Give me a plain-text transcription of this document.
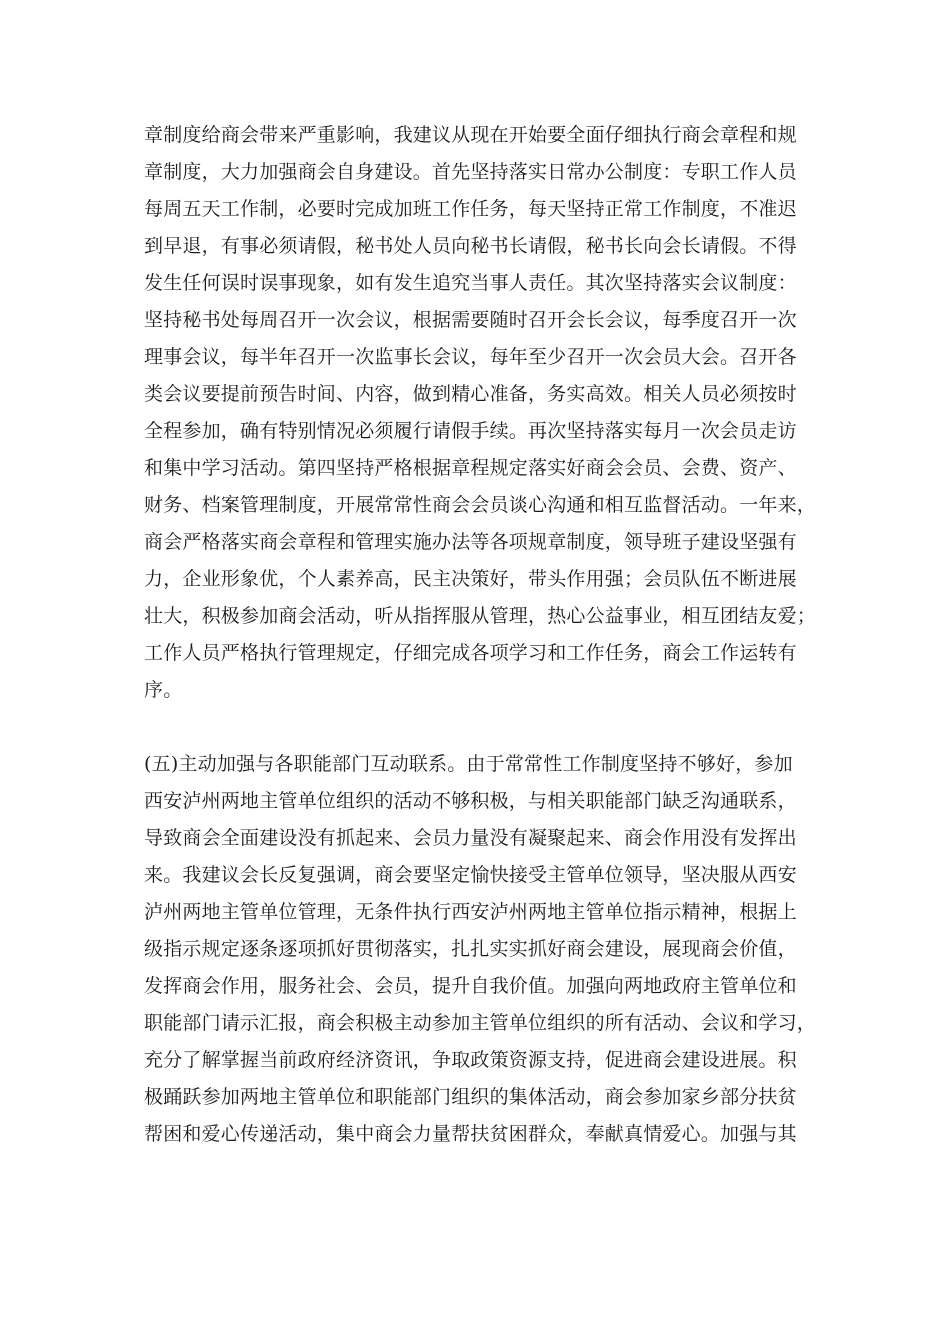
章制度给商会带来严重影响，我建议从现在开始要全面仔细执行商会章程和规
章制度，大力加强商会自身建设。首先坚持落实日常办公制度：专职工作人员
每周五天工作制，必要时完成加班工作任务，每天坚持正常工作制度，不准迟
到早退，有事必须请假，秘书处人员向秘书长请假，秘书长向会长请假。不得
发生任何误时误事现象，如有发生追究当事人责任。其次坚持落实会议制度：
坚持秘书处每周召开一次会议，根据需要随时召开会长会议，每季度召开一次
理事会议，每半年召开一次监事长会议，每年至少召开一次会员大会。召开各
类会议要提前预告时间、内容，做到精心准备，务实高效。相关人员必须按时
全程参加，确有特别情况必须履行请假手续。再次坚持落实每月一次会员走访
和集中学习活动。第四坚持严格根据章程规定落实好商会会员、会费、资产、
财务、档案管理制度，开展常常性商会会员谈心沟通和相互监督活动。一年来，
商会严格落实商会章程和管理实施办法等各项规章制度，领导班子建设坚强有
力，企业形象优，个人素养高，民主决策好，带头作用强；会员队伍不断进展
壮大，积极参加商会活动，听从指挥服从管理，热心公益事业，相互团结友爱；
工作人员严格执行管理规定，仔细完成各项学习和工作任务，商会工作运转有
序。
(五)主动加强与各职能部门互动联系。由于常常性工作制度坚持不够好，参加
西安泸州两地主管单位组织的活动不够积极，与相关职能部门缺乏沟通联系，
导致商会全面建设没有抓起来、会员力量没有凝聚起来、商会作用没有发挥出
来。我建议会长反复强调，商会要坚定愉快接受主管单位领导，坚决服从西安
泸州两地主管单位管理，无条件执行西安泸州两地主管单位指示精神，根据上
级指示规定逐条逐项抓好贯彻落实，扎扎实实抓好商会建设，展现商会价值，
发挥商会作用，服务社会、会员，提升自我价值。加强向两地政府主管单位和
职能部门请示汇报，商会积极主动参加主管单位组织的所有活动、会议和学习，
充分了解掌握当前政府经济资讯，争取政策资源支持，促进商会建设进展。积
极踊跃参加两地主管单位和职能部门组织的集体活动，商会参加家乡部分扶贫
帮困和爱心传递活动，集中商会力量帮扶贫困群众，奉献真情爱心。加强与其
